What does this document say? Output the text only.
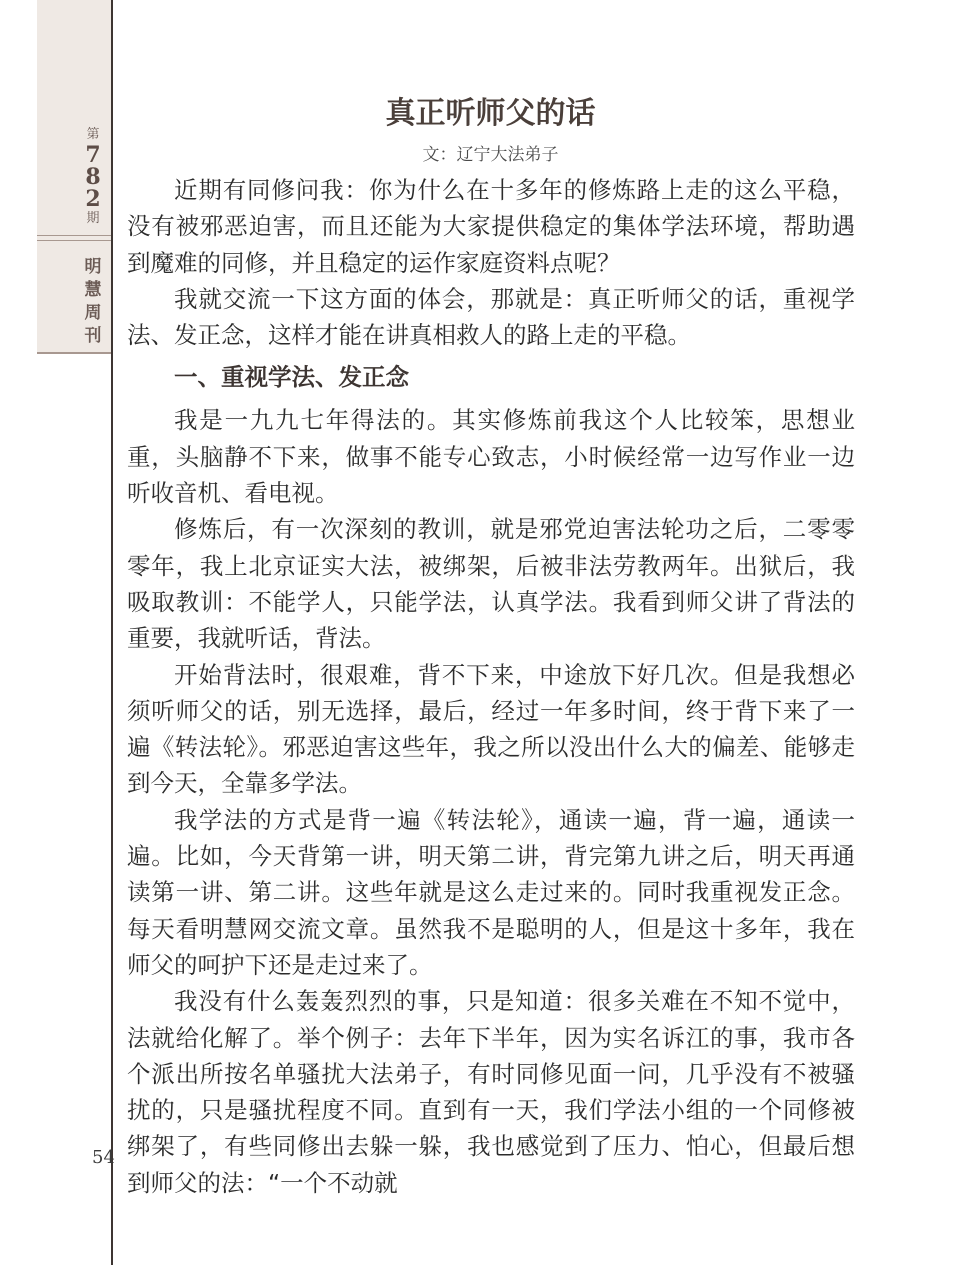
第
7
8
2
期
明
慧
周
刊
54
真正听师父的话
文：辽宁大法弟子

近期有同修问我：你为什么在十多年的修炼路上走的这么平稳，没有被邪恶迫害，而且还能为大家提供稳定的集体学法环境，帮助遇到魔难的同修，并且稳定的运作家庭资料点呢？

我就交流一下这方面的体会，那就是：真正听师父的话，重视学法、发正念，这样才能在讲真相救人的路上走的平稳。

一、重视学法、发正念

我是一九九七年得法的。其实修炼前我这个人比较笨，思想业重，头脑静不下来，做事不能专心致志，小时候经常一边写作业一边听收音机、看电视。

修炼后，有一次深刻的教训，就是邪党迫害法轮功之后，二零零零年，我上北京证实大法，被绑架，后被非法劳教两年。出狱后，我吸取教训：不能学人，只能学法，认真学法。我看到师父讲了背法的重要，我就听话，背法。

开始背法时，很艰难，背不下来，中途放下好几次。但是我想必须听师父的话，别无选择，最后，经过一年多时间，终于背下来了一遍《转法轮》。邪恶迫害这些年，我之所以没出什么大的偏差、能够走到今天，全靠多学法。

我学法的方式是背一遍《转法轮》，通读一遍，背一遍，通读一遍。比如，今天背第一讲，明天第二讲，背完第九讲之后，明天再通读第一讲、第二讲。这些年就是这么走过来的。同时我重视发正念。每天看明慧网交流文章。虽然我不是聪明的人，但是这十多年，我在师父的呵护下还是走过来了。

我没有什么轰轰烈烈的事，只是知道：很多关难在不知不觉中，法就给化解了。举个例子：去年下半年，因为实名诉江的事，我市各个派出所按名单骚扰大法弟子，有时同修见面一问，几乎没有不被骚扰的，只是骚扰程度不同。直到有一天，我们学法小组的一个同修被绑架了，有些同修出去躲一躲，我也感觉到了压力、怕心，但最后想到师父的法：“一个不动就
